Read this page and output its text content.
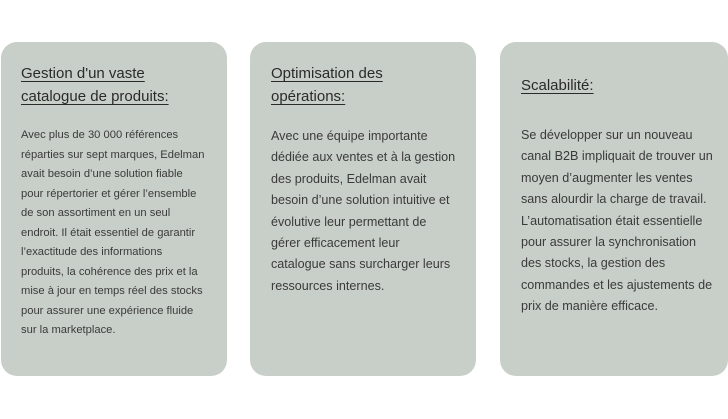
Gestion d'un vaste catalogue de produits:

Avec plus de 30 000 références réparties sur sept marques, Edelman avait besoin d’une solution fiable pour répertorier et gérer l’ensemble de son assortiment en un seul endroit. Il était essentiel de garantir l’exactitude des informations produits, la cohérence des prix et la mise à jour en temps réel des stocks pour assurer une expérience fluide sur la marketplace.

Optimisation des opérations:

Avec une équipe importante dédiée aux ventes et à la gestion des produits, Edelman avait besoin d’une solution intuitive et évolutive leur permettant de gérer efficacement leur catalogue sans surcharger leurs ressources internes.

Scalabilité:

Se développer sur un nouveau canal B2B impliquait de trouver un moyen d’augmenter les ventes sans alourdir la charge de travail. L’automatisation était essentielle pour assurer la synchronisation des stocks, la gestion des commandes et les ajustements de prix de manière efficace.
